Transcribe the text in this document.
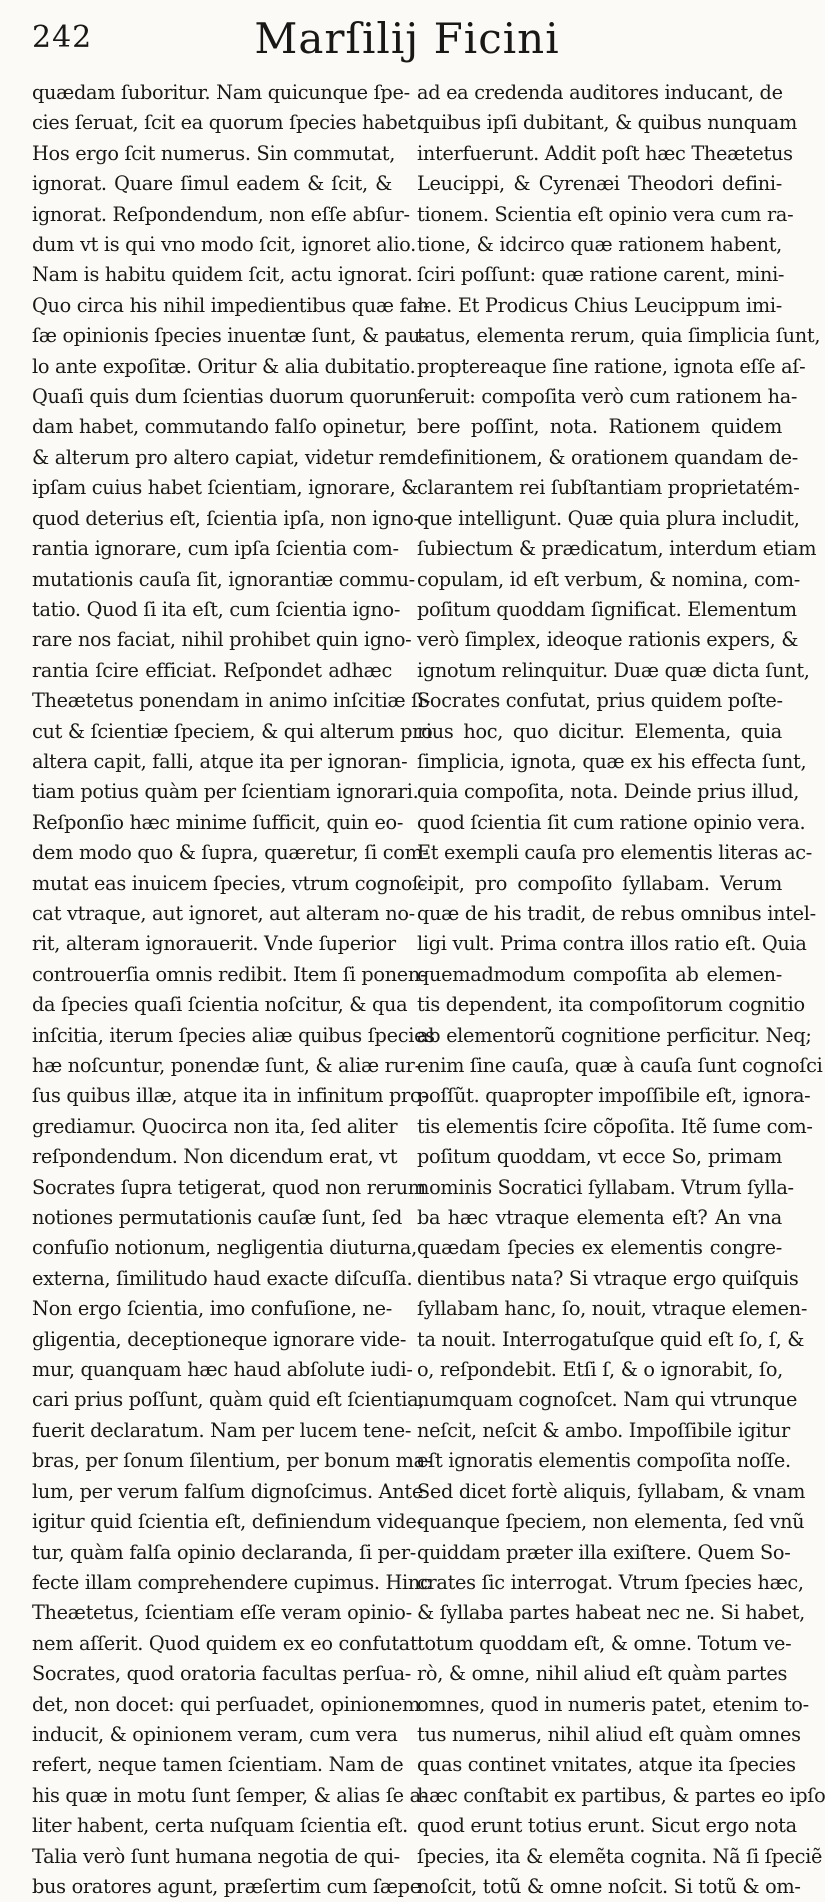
242	Marſilij Ficini
quædam ſuboritur. Nam quicunque ſpe-
cies ſeruat, ſcit ea quorum ſpecies habet.
Hos ergo ſcit numerus. Sin commutat,
ignorat. Quare ſimul eadem & ſcit, &
ignorat. Reſpondendum, non eſſe abſur-
dum vt is qui vno modo ſcit, ignoret alio.
Nam is habitu quidem ſcit, actu ignorat.
Quo circa his nihil impedientibus quæ fal-
ſæ opinionis ſpecies inuentæ ſunt, & pau-
lo ante expoſitæ. Oritur & alia dubitatio.
Quaſi quis dum ſcientias duorum quorun-
dam habet, commutando falſo opinetur,
& alterum pro altero capiat, videtur rem
ipſam cuius habet ſcientiam, ignorare, &
quod deterius eſt, ſcientia ipſa, non igno-
rantia ignorare, cum ipſa ſcientia com-
mutationis cauſa ſit, ignorantiæ commu-
tatio. Quod ſi ita eſt, cum ſcientia igno-
rare nos faciat, nihil prohibet quin igno-
rantia ſcire efficiat. Reſpondet adhæc
Theætetus ponendam in animo inſcitiæ ſi-
cut & ſcientiæ ſpeciem, & qui alterum pro
altera capit, falli, atque ita per ignoran-
tiam potius quàm per ſcientiam ignorari.
Reſponſio hæc minime ſufficit, quin eo-
dem modo quo & ſupra, quæretur, ſi com-
mutat eas inuicem ſpecies, vtrum cognoſ-
cat vtraque, aut ignoret, aut alteram no-
rit, alteram ignorauerit. Vnde ſuperior
controuerſia omnis redibit. Item ſi ponen-
da ſpecies quaſi ſcientia noſcitur, & qua
inſcitia, iterum ſpecies aliæ quibus ſpecies
hæ noſcuntur, ponendæ ſunt, & aliæ rur-
ſus quibus illæ, atque ita in infinitum pro-
grediamur. Quocirca non ita, ſed aliter
reſpondendum. Non dicendum erat, vt
Socrates ſupra tetigerat, quod non rerum
notiones permutationis cauſæ ſunt, ſed
confuſio notionum, negligentia diuturna,
externa, ſimilitudo haud exacte diſcuſſa.
Non ergo ſcientia, imo confuſione, ne-
gligentia, deceptioneque ignorare vide-
mur, quanquam hæc haud abſolute iudi-
cari prius poſſunt, quàm quid eſt ſcientia,
fuerit declaratum. Nam per lucem tene-
bras, per ſonum ſilentium, per bonum ma-
lum, per verum falſum dignoſcimus. Ante
igitur quid ſcientia eſt, definiendum vide-
tur, quàm falſa opinio declaranda, ſi per-
fecte illam comprehendere cupimus. Hinc
Theætetus, ſcientiam eſſe veram opinio-
nem aſſerit. Quod quidem ex eo confutat
Socrates, quod oratoria facultas perſua-
det, non docet: qui perſuadet, opinionem
inducit, & opinionem veram, cum vera
refert, neque tamen ſcientiam. Nam de
his quæ in motu ſunt ſemper, & alias ſe a-
liter habent, certa nuſquam ſcientia eſt.
Talia verò ſunt humana negotia de qui-
bus oratores agunt, præſertim cum ſæpe
ad ea credenda auditores inducant, de
quibus ipſi dubitant, & quibus nunquam
interfuerunt. Addit poſt hæc Theætetus
Leucippi, & Cyrenæi Theodori defini-
tionem. Scientia eſt opinio vera cum ra-
tione, & idcirco quæ rationem habent,
ſciri poſſunt: quæ ratione carent, mini-
me. Et Prodicus Chius Leucippum imi-
tatus, elementa rerum, quia ſimplicia ſunt,
proptereaque ſine ratione, ignota eſſe aſ-
ſeruit: compoſita verò cum rationem ha-
bere poſſint, nota. Rationem quidem
definitionem, & orationem quandam de-
clarantem rei ſubſtantiam proprietatém-
que intelligunt. Quæ quia plura includit,
ſubiectum & prædicatum, interdum etiam
copulam, id eſt verbum, & nomina, com-
poſitum quoddam ſignificat. Elementum
verò ſimplex, ideoque rationis expers, &
ignotum relinquitur. Duæ quæ dicta ſunt,
Socrates confutat, prius quidem poſte-
rius hoc, quo dicitur. Elementa, quia
ſimplicia, ignota, quæ ex his effecta ſunt,
quia compoſita, nota. Deinde prius illud,
quod ſcientia ſit cum ratione opinio vera.
Et exempli cauſa pro elementis literas ac-
cipit, pro compoſito ſyllabam. Verum
quæ de his tradit, de rebus omnibus intel-
ligi vult. Prima contra illos ratio eſt. Quia
quemadmodum compoſita ab elemen-
tis dependent, ita compoſitorum cognitio
ab elementorũ cognitione perficitur. Neq;
enim ſine cauſa, quæ à cauſa ſunt cognoſci
poſſũt. quapropter impoſſibile eſt, ignora-
tis elementis ſcire cõpoſita. Itẽ ſume com-
poſitum quoddam, vt ecce So, primam
nominis Socratici ſyllabam. Vtrum ſylla-
ba hæc vtraque elementa eſt? An vna
quædam ſpecies ex elementis congre-
dientibus nata? Si vtraque ergo quiſquis
ſyllabam hanc, ſo, nouit, vtraque elemen-
ta nouit. Interrogatuſque quid eſt ſo, ſ, &
o, reſpondebit. Etſi ſ, & o ignorabit, ſo,
numquam cognoſcet. Nam qui vtrunque
neſcit, neſcit & ambo. Impoſſibile igitur
eſt ignoratis elementis compoſita noſſe.
Sed dicet fortè aliquis, ſyllabam, & vnam
quanque ſpeciem, non elementa, ſed vnũ
quiddam præter illa exiſtere. Quem So-
crates ſic interrogat. Vtrum ſpecies hæc,
& ſyllaba partes habeat nec ne. Si habet,
totum quoddam eſt, & omne. Totum ve-
rò, & omne, nihil aliud eſt quàm partes
omnes, quod in numeris patet, etenim to-
tus numerus, nihil aliud eſt quàm omnes
quas continet vnitates, atque ita ſpecies
hæc conſtabit ex partibus, & partes eo ipſo
quod erunt totius erunt. Sicut ergo nota
ſpecies, ita & elemẽta cognita. Nã ſi ſpeciẽ
noſcit, totũ & omne noſcit. Si totũ & om-
